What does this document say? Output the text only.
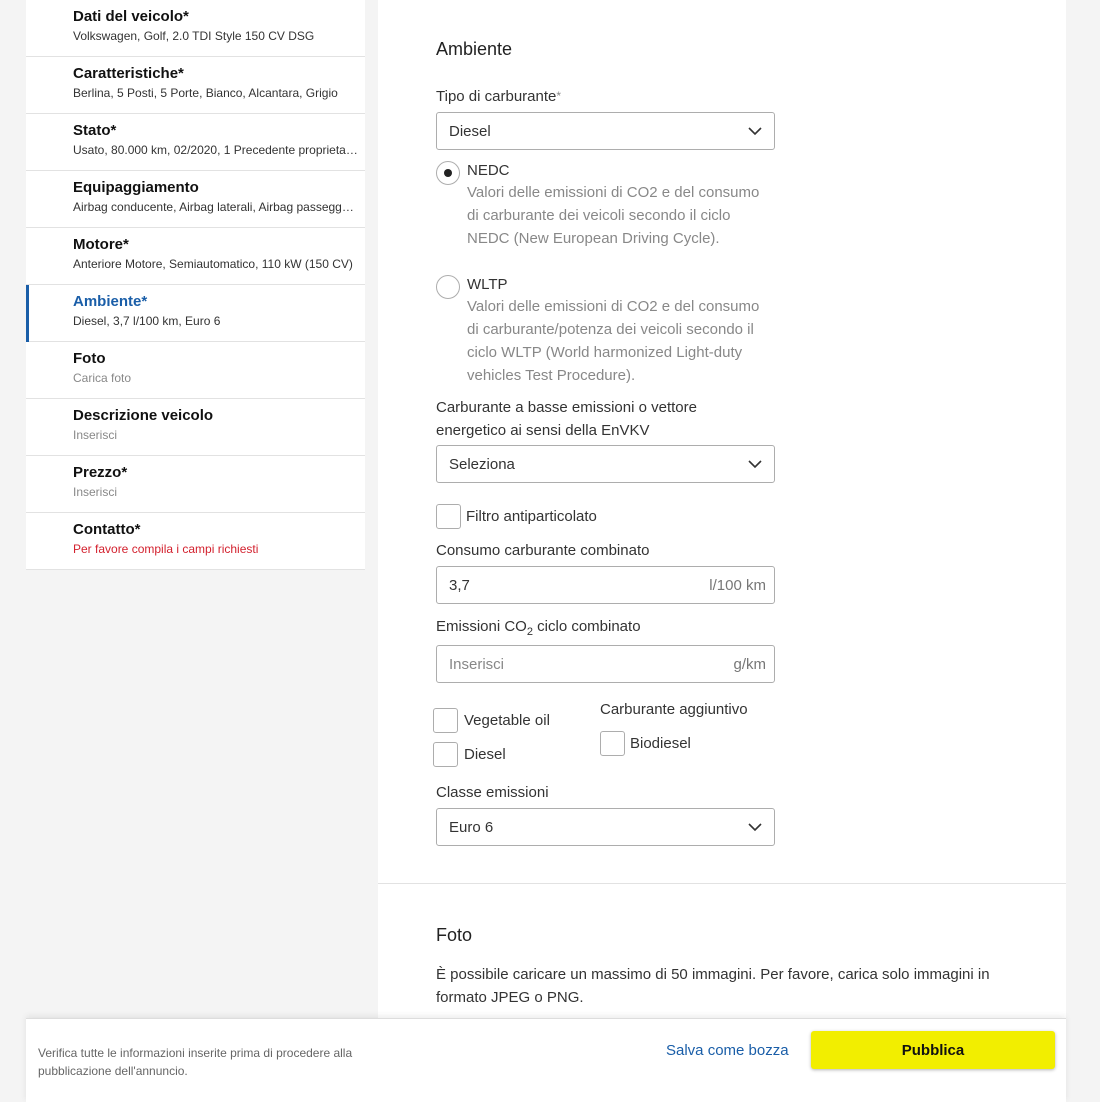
Dati del veicolo*
Volkswagen, Golf, 2.0 TDI Style 150 CV DSG
Caratteristiche*
Berlina, 5 Posti, 5 Porte, Bianco, Alcantara, Grigio
Stato*
Usato, 80.000 km, 02/2020, 1 Precedente proprietario
Equipaggiamento
Airbag conducente, Airbag laterali, Airbag passeggero
Motore*
Anteriore Motore, Semiautomatico, 110 kW (150 CV)
Ambiente*
Diesel, 3,7 l/100 km, Euro 6
Foto
Carica foto
Descrizione veicolo
Inserisci
Prezzo*
Inserisci
Contatto*
Per favore compila i campi richiesti
Ambiente
Tipo di carburante*
Diesel
NEDC
Valori delle emissioni di CO2 e del consumo di carburante dei veicoli secondo il ciclo NEDC (New European Driving Cycle).
WLTP
Valori delle emissioni di CO2 e del consumo di carburante/potenza dei veicoli secondo il ciclo WLTP (World harmonized Light-duty vehicles Test Procedure).
Carburante a basse emissioni o vettore energetico ai sensi della EnVKV
Seleziona
Filtro antiparticolato
Consumo carburante combinato
3,7	l/100 km
Emissioni $CO_2$ ciclo combinato
Inserisci	g/km
Vegetable oil
Diesel
Carburante aggiuntivo
Biodiesel
Classe emissioni
Euro 6
Foto
È possibile caricare un massimo di 50 immagini. Per favore, carica solo immagini in formato JPEG o PNG.
Verifica tutte le informazioni inserite prima di procedere alla pubblicazione dell'annuncio.
Salva come bozza	Pubblica
